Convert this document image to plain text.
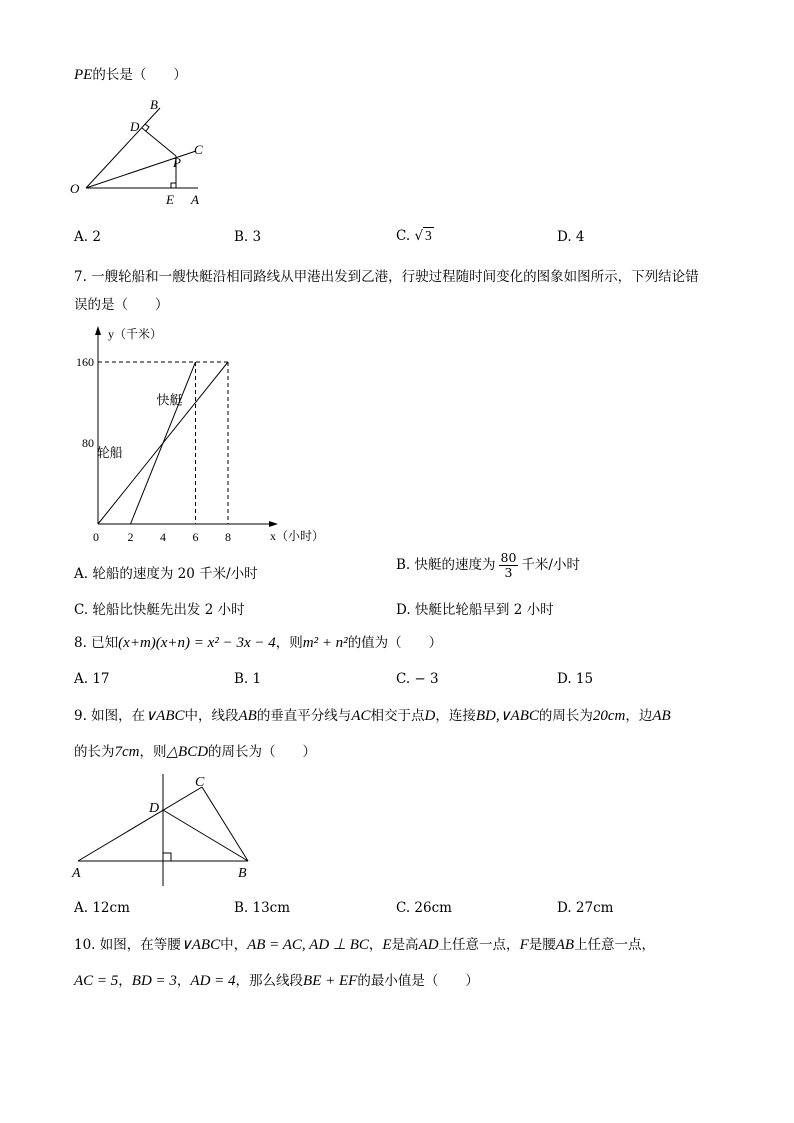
PE的长是（　　）
B
D
C
P
O
E A
A. 2	B. 3	C. √ 3	D. 4
7. 一艘轮船和一艘快艇沿相同路线从甲港出发到乙港，行驶过程随时间变化的图象如图所示，下列结论错
误的是（　　）
y（千米）
x（小时）
160
80
0 2 4 6 8
快艇
轮船
A. 轮船的速度为 20 千米/小时
B. 快艇的速度为 $\frac{80}{3}$ 千米/小时
C. 轮船比快艇先出发 2 小时	D. 快艇比轮船早到 2 小时
8. 已知(x+m)(x+n) = x² − 3x − 4，则m² + n²的值为（　　）
A. 17	B. 1	C. − 3	D. 15
9. 如图，在∨ABC中，线段AB的垂直平分线与AC相交于点D，连接BD,∨ABC的周长为20cm，边AB
的长为7cm，则△BCD的周长为（　　）
C
D
A	B
A. 12cm	B. 13cm	C. 26cm	D. 27cm
10. 如图，在等腰∨ABC中，AB = AC, AD ⊥ BC，E是高AD上任意一点，F是腰AB上任意一点，
AC = 5，BD = 3，AD = 4，那么线段BE + EF的最小值是（　　）
